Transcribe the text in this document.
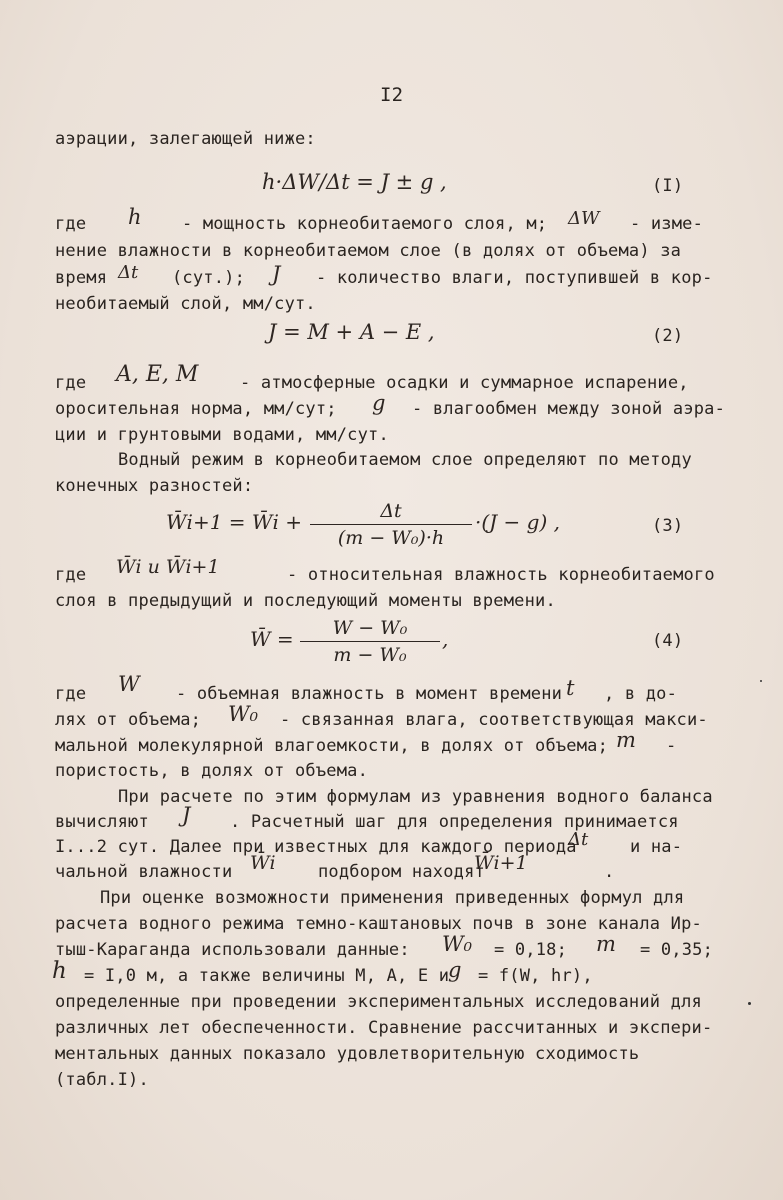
I2
аэрации, залегающей ниже:
h·ΔW/Δt = J ± g ,	(I)
где h - мощность корнеобитаемого слоя, м; ΔW - изме-
нение влажности в корнеобитаемом слое (в долях от объема) за
время Δt (сут.); J - количество влаги, поступившей в кор-
необитаемый слой, мм/сут.
J = M + A − E ,	(2)
где A, E, M - атмосферные осадки и суммарное испарение,
оросительная норма, мм/сут; g - влагообмен между зоной аэра-
ции и грунтовыми водами, мм/сут.
Водный режим в корнеобитаемом слое определяют по методу
конечных разностей:
W̄i+1 = W̄i +	Δt
(m − W₀)·h
·(J − g) ,	(3)
где W̄i и W̄i+1	- относительная влажность корнеобитаемого
слоя в предыдущий и последующий моменты времени.
W̄ =	W − W₀
m − W₀
,	(4)
где W - объемная влажность в момент времени t , в до-
лях от объема; W₀ - связанная влага, соответствующая макси-
мальной молекулярной влагоемкости, в долях от объема; m -
пористость, в долях от объема.
При расчете по этим формулам из уравнения водного баланса
вычисляют J . Расчетный шаг для определения принимается
I...2 сут. Далее при известных для каждого периода
Δt и на-
чальной влажности W̄i подбором находят
W̄i+1	.
При оценке возможности применения приведенных формул для
расчета водного режима темно-каштановых почв в зоне канала Ир-
тыш-Караганда использовали данные: W₀ = 0,18; m = 0,35;
h = I,0 м, а также величины М, А, Е и
g = f(W, hr),
определенные при проведении экспериментальных исследований для
различных лет обеспеченности. Сравнение рассчитанных и экспери-
ментальных данных показало удовлетворительную сходимость
(табл.I).
